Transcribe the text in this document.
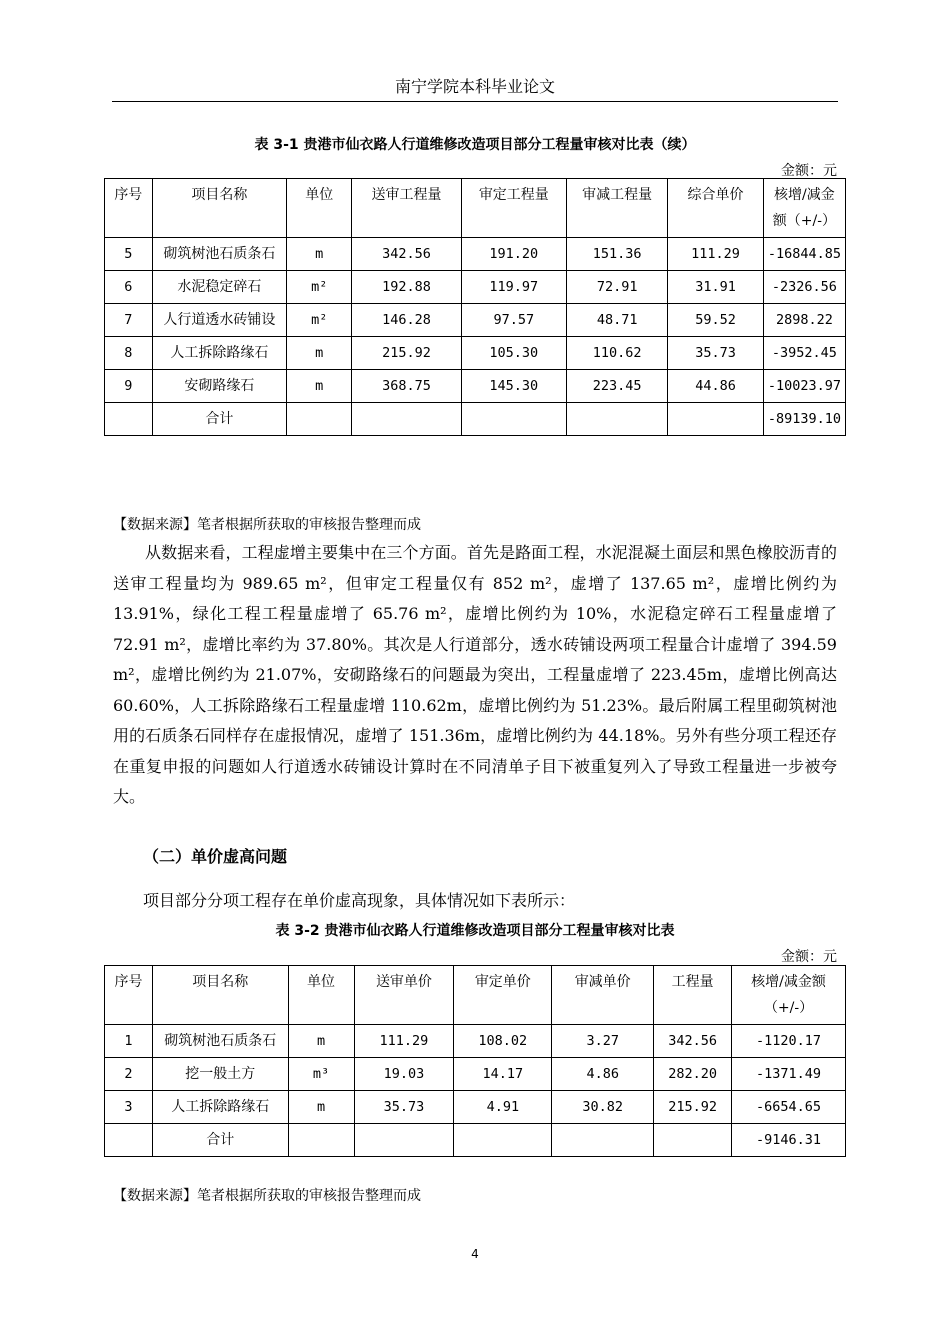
南宁学院本科毕业论文
表 3-1 贵港市仙衣路人行道维修改造项目部分工程量审核对比表（续）
金额：元
序号	项目名称	单位	送审工程量	审定工程量	审减工程量	综合单价	核增/减金额（+/-）
5	砌筑树池石质条石	m	342.56	191.20	151.36	111.29	-16844.85
6	水泥稳定碎石	m²	192.88	119.97	72.91	31.91	-2326.56
7	人行道透水砖铺设	m²	146.28	97.57	48.71	59.52	2898.22
8	人工拆除路缘石	m	215.92	105.30	110.62	35.73	-3952.45
9	安砌路缘石	m	368.75	145.30	223.45	44.86	-10023.97
	合计						-89139.10
【数据来源】笔者根据所获取的审核报告整理而成

从数据来看，工程虚增主要集中在三个方面。首先是路面工程，水泥混凝土面层和黑色橡胶沥青的送审工程量均为 989.65 m²，但审定工程量仅有 852 m²，虚增了 137.65 m²，虚增比例约为 13.91%，绿化工程工程量虚增了 65.76 m²，虚增比例约为 10%，水泥稳定碎石工程量虚增了 72.91 m²，虚增比率约为 37.80%。其次是人行道部分，透水砖铺设两项工程量合计虚增了 394.59 m²，虚增比例约为 21.07%，安砌路缘石的问题最为突出，工程量虚增了 223.45m，虚增比例高达 60.60%，人工拆除路缘石工程量虚增 110.62m，虚增比例约为 51.23%。最后附属工程里砌筑树池用的石质条石同样存在虚报情况，虚增了 151.36m，虚增比例约为 44.18%。另外有些分项工程还存在重复申报的问题如人行道透水砖铺设计算时在不同清单子目下被重复列入了导致工程量进一步被夸大。

（二）单价虚高问题
项目部分分项工程存在单价虚高现象，具体情况如下表所示：
表 3-2 贵港市仙衣路人行道维修改造项目部分工程量审核对比表
金额：元
序号	项目名称	单位	送审单价	审定单价	审减单价	工程量	核增/减金额（+/-）
1	砌筑树池石质条石	m	111.29	108.02	3.27	342.56	-1120.17
2	挖一般土方	m³	19.03	14.17	4.86	282.20	-1371.49
3	人工拆除路缘石	m	35.73	4.91	30.82	215.92	-6654.65
	合计						-9146.31
【数据来源】笔者根据所获取的审核报告整理而成
4
